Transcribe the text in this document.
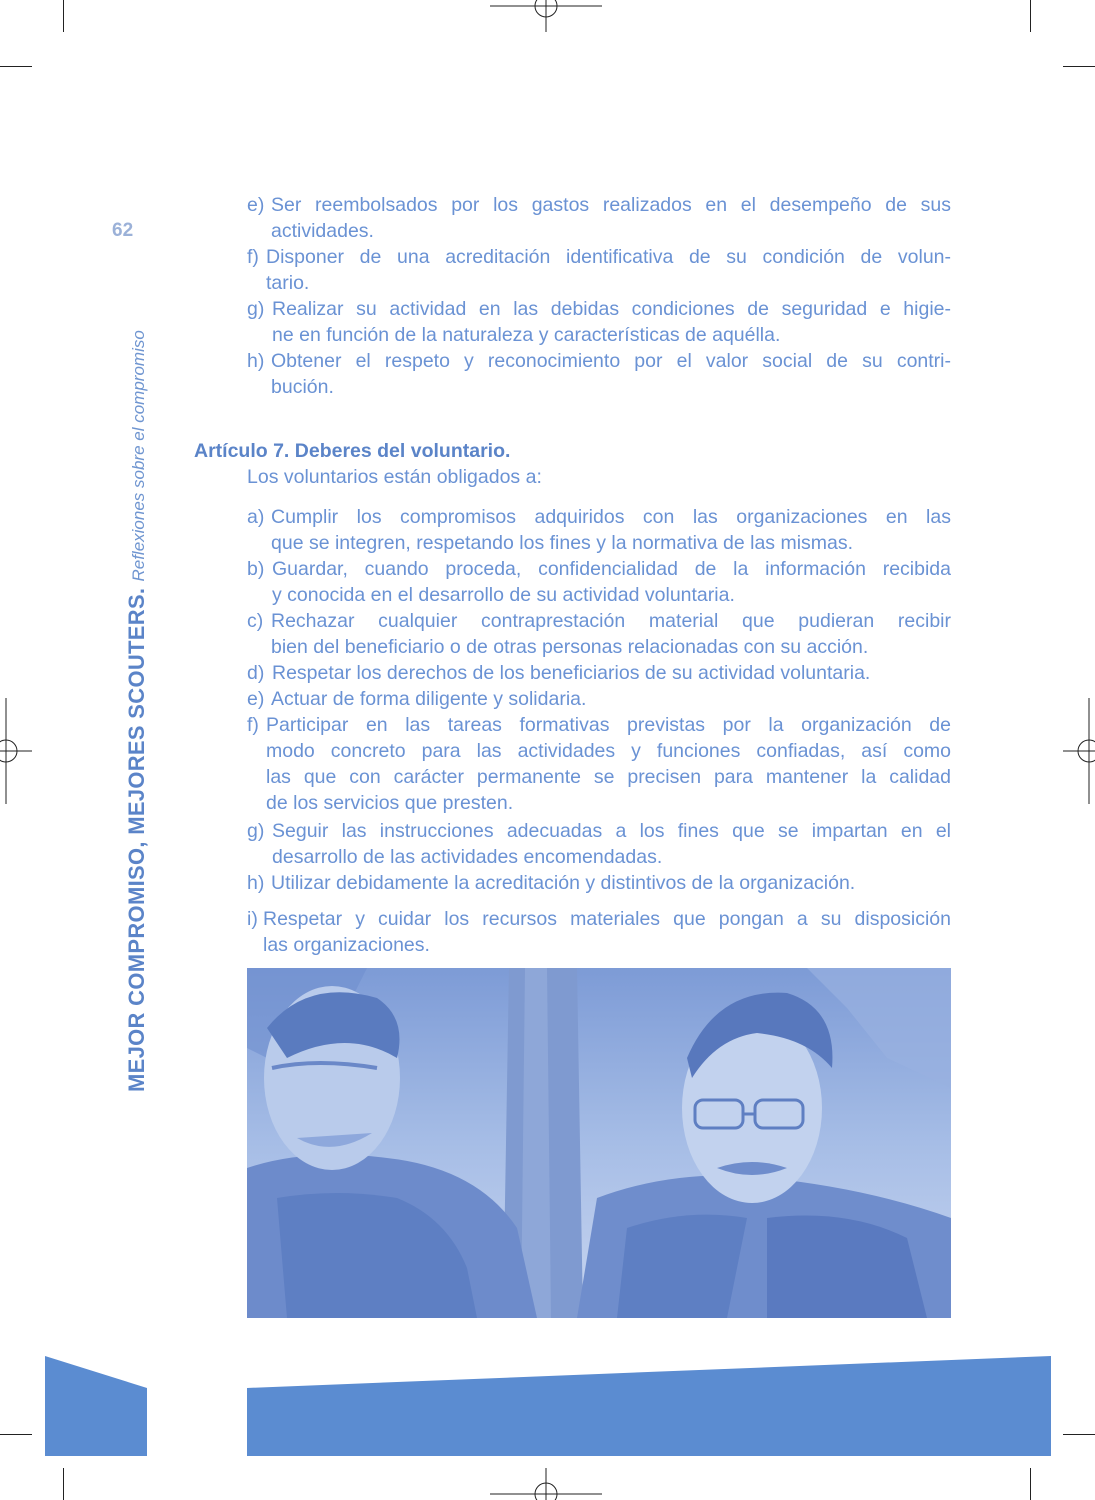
62
MEJOR COMPROMISO, MEJORES SCOUTERS. Reflexiones sobre el compromiso
e) Ser reembolsados por los gastos realizados en el desempeño de sus
actividades.
f) Disponer de una acreditación identificativa de su condición de volun-
tario.
g) Realizar su actividad en las debidas condiciones de seguridad e higie-
ne en función de la naturaleza y características de aquélla.
h) Obtener el respeto y reconocimiento por el valor social de su contri-
bución.
Artículo 7. Deberes del voluntario.
Los voluntarios están obligados a:
a) Cumplir los compromisos adquiridos con las organizaciones en las
que se integren, respetando los fines y la normativa de las mismas.
b) Guardar, cuando proceda, confidencialidad de la información recibida
y conocida en el desarrollo de su actividad voluntaria.
c) Rechazar cualquier contraprestación material que pudieran recibir
bien del beneficiario o de otras personas relacionadas con su acción.
d) Respetar los derechos de los beneficiarios de su actividad voluntaria.
e) Actuar de forma diligente y solidaria.
f) Participar en las tareas formativas previstas por la organización de
modo concreto para las actividades y funciones confiadas, así como
las que con carácter permanente se precisen para mantener la calidad
de los servicios que presten.
g) Seguir las instrucciones adecuadas a los fines que se impartan en el
desarrollo de las actividades encomendadas.
h) Utilizar debidamente la acreditación y distintivos de la organización.
i) Respetar y cuidar los recursos materiales que pongan a su disposición
las organizaciones.
